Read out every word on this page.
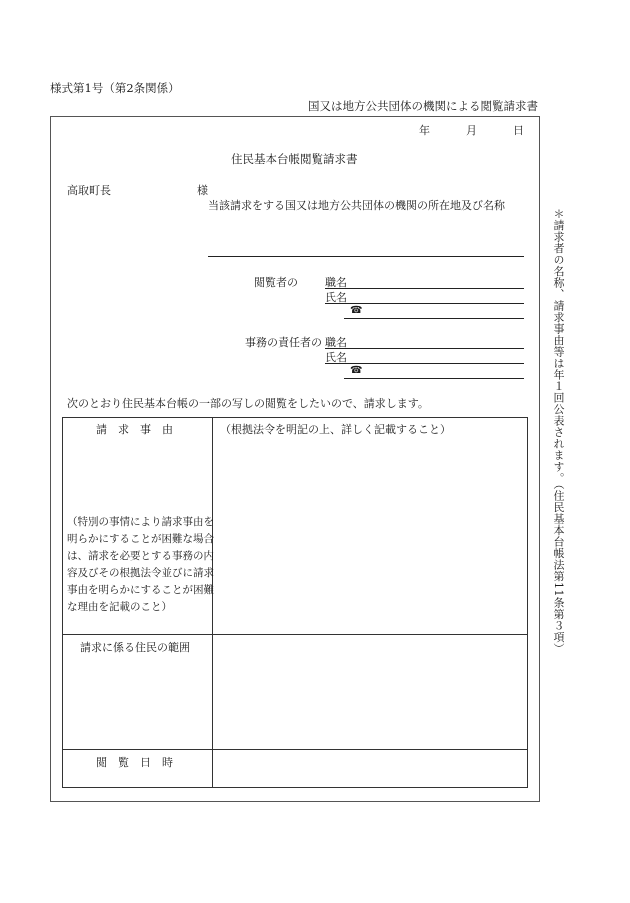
様式第1号（第2条関係）
国又は地方公共団体の機関による閲覧請求書
年	月	日
住民基本台帳閲覧請求書
高取町長	様
当該請求をする国又は地方公共団体の機関の所在地及び名称
閲覧者の 職名
氏名
☎
事務の責任者の 職名
氏名
☎
次のとおり住民基本台帳の一部の写しの閲覧をしたいので、請求します。
請　求　事　由	（根拠法令を明記の上、詳しく記載すること）
（特別の事情により請求事由を明らかにすることが困難な場合は、請求を必要とする事務の内容及びその根拠法令並びに請求事由を明らかにすることが困難な理由を記載のこと）
請求に係る住民の範囲
閲　覧　日　時
＊請求者の名称、請求事由等は年１回公表されます。（住民基本台帳法第11条第３項）
